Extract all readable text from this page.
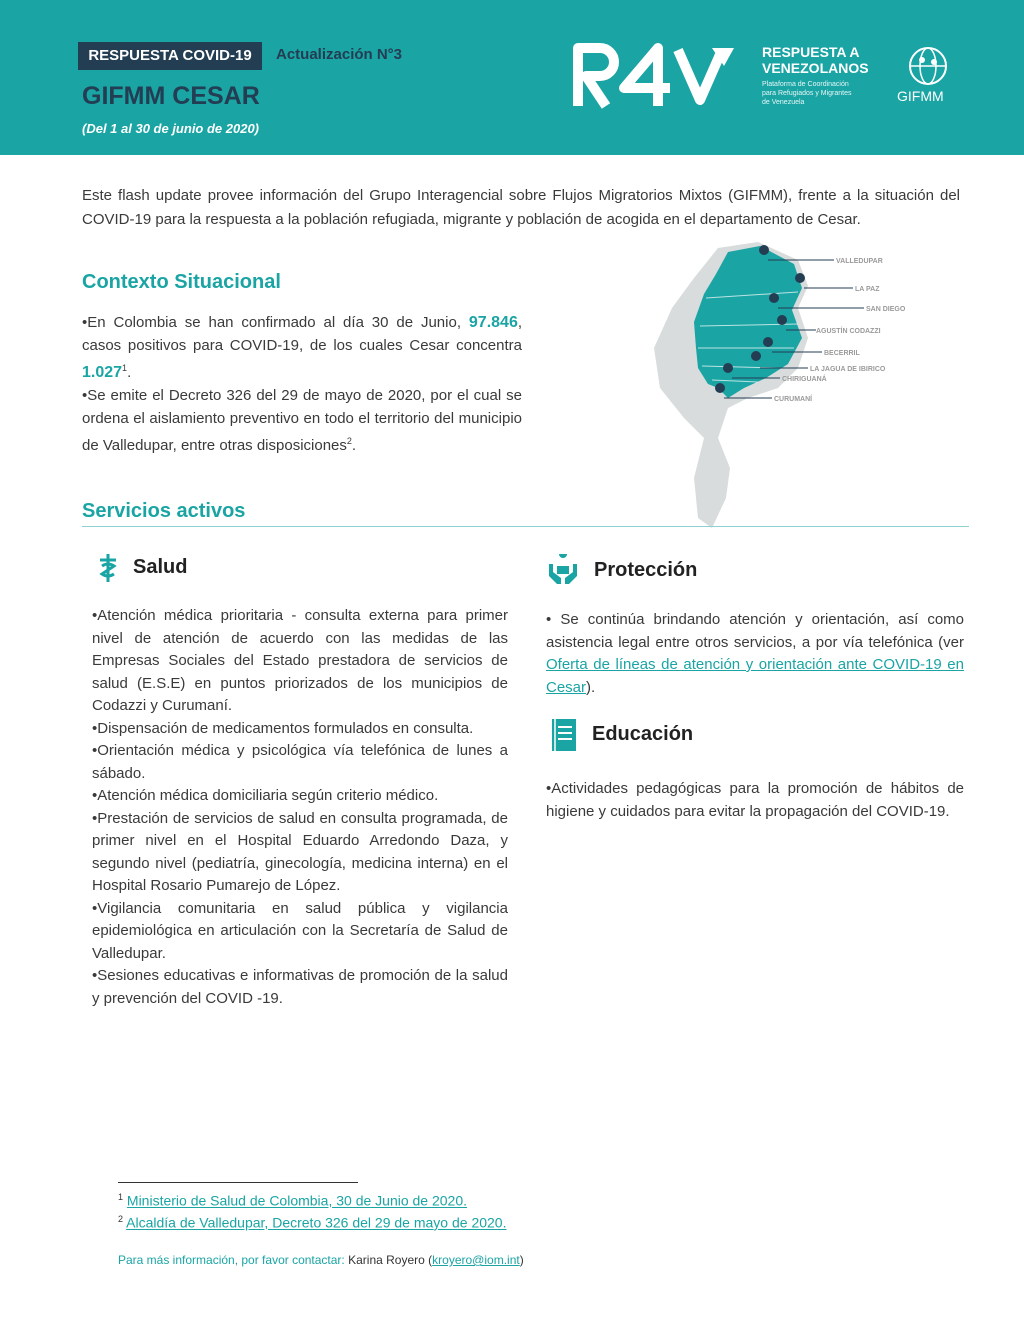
RESPUESTA COVID-19	Actualización N°3
GIFMM CESAR
(Del 1 al 30 de junio de 2020)
RESPUESTA A
VENEZOLANOS
Plataforma de Coordinación para Refugiados y Migrantes de Venezuela	GIFMM
Este flash update provee información del Grupo Interagencial sobre Flujos Migratorios Mixtos (GIFMM), frente a la situación del COVID-19 para la respuesta a la población refugiada, migrante y población de acogida en el departamento de Cesar.
Contexto Situacional
•En Colombia se han confirmado al día 30 de Junio, 97.846, casos positivos para COVID-19, de los cuales Cesar concentra 1.027$^1$.
•Se emite el Decreto 326 del 29 de mayo de 2020, por el cual se ordena el aislamiento preventivo en todo el territorio del municipio de Valledupar, entre otras disposiciones$^2$.
VALLEDUPAR
LA PAZ
SAN DIEGO
AGUSTÍN CODAZZI
BECERRIL
LA JAGUA DE IBIRICO
CHIRIGUANÁ
CURUMANÍ
Servicios activos
Salud

•Atención médica prioritaria - consulta externa para primer nivel de atención de acuerdo con las medidas de las Empresas Sociales del Estado prestadora de servicios de salud (E.S.E) en puntos priorizados de los municipios de Codazzi y Curumaní.

•Dispensación de medicamentos formulados en consulta.

•Orientación médica y psicológica vía telefónica de lunes a sábado.

•Atención médica domiciliaria según criterio médico.

•Prestación de servicios de salud en consulta programada, de primer nivel en el Hospital Eduardo Arredondo Daza, y segundo nivel (pediatría, ginecología, medicina interna) en el Hospital Rosario Pumarejo de López.

•Vigilancia comunitaria en salud pública y vigilancia epidemiológica en articulación con la Secretaría de Salud de Valledupar.

•Sesiones educativas e informativas de promoción de la salud y prevención del COVID -19.

Protección
• Se continúa brindando atención y orientación, así como asistencia legal entre otros servicios, a por vía telefónica (ver Oferta de líneas de atención y orientación ante COVID-19 en Cesar).
Educación
•Actividades pedagógicas para la promoción de hábitos de higiene y cuidados para evitar la propagación del COVID-19.
$^1$ Ministerio de Salud de Colombia, 30 de Junio de 2020.
$^2$ Alcaldía de Valledupar, Decreto 326 del 29 de mayo de 2020.
Para más información, por favor contactar: Karina Royero (kroyero@iom.int)
